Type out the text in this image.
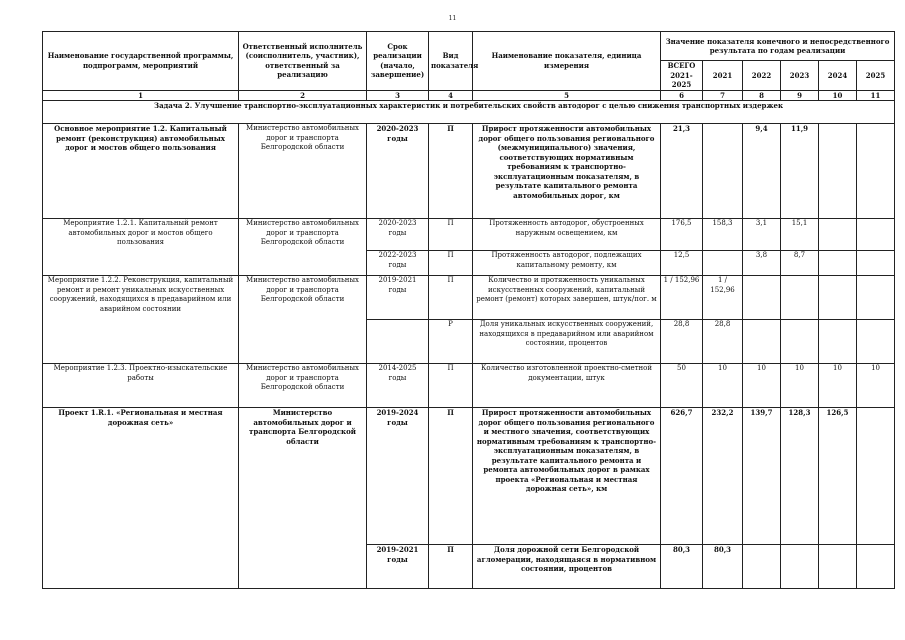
11
Наименование государственной программы, подпрограмм, мероприятий	Ответственный исполнитель (соисполнитель, участник), ответственный за реализацию	Срок реализации (начало, завершение)	Вид показателя	Наименование показателя, единица измерения	Значение показателя конечного и непосредственного результата по годам реализации					
					ВСЕГО 2021-2025	2021	2022	2023	2024	2025
1	2	3	4	5	6	7	8	9	10	11
Задача 2. Улучшение транспортно-эксплуатационных характеристик и потребительских свойств автодорог с целью снижения транспортных издержек										
Основное мероприятие 1.2. Капитальный ремонт (реконструкция) автомобильных дорог и мостов общего пользования	Министерство автомобильных дорог и транспорта Белгородской области	2020-2023 годы	П	Прирост протяженности автомобильных дорог общего пользования регионального (межмуниципального) значения, соответствующих нормативным требованиям к транспортно-эксплуатационным показателям, в результате капитального ремонта автомобильных дорог, км	21,3		9,4	11,9		
Мероприятие 1.2.1. Капитальный ремонт автомобильных дорог и мостов общего пользования	Министерство автомобильных дорог и транспорта Белгородской области	2020-2023 годы	П	Протяженность автодорог, обустроенных наружным освещением, км	176,5	158,3	3,1	15,1		
		2022-2023 годы	П	Протяженность автодорог, подлежащих капитальному ремонту, км	12,5		3,8	8,7		
Мероприятие 1.2.2. Реконструкция, капитальный ремонт и ремонт уникальных искусственных сооружений, находящихся в предаварийном или аварийном состоянии	Министерство автомобильных дорог и транспорта Белгородской области	2019-2021 годы	П	Количество и протяженность уникальных искусственных сооружений, капитальный ремонт (ремонт) которых завершен, штук/пог. м	1 / 152,96	1 / 152,96				
			Р	Доля уникальных искусственных сооружений, находящихся в предаварийном или аварийном состоянии, процентов	28,8	28,8				
Мероприятие 1.2.3. Проектно-изыскательские работы	Министерство автомобильных дорог и транспорта Белгородской области	2014-2025 годы	П	Количество изготовленной проектно-сметной документации, штук	50	10	10	10	10	10
Проект 1.R.1. «Региональная и местная дорожная сеть»	Министерство автомобильных дорог и транспорта Белгородской области	2019-2024 годы	П	Прирост протяженности автомобильных дорог общего пользования регионального и местного значения, соответствующих нормативным требованиям к транспортно-эксплуатационным показателям, в результате капитального ремонта и ремонта автомобильных дорог в рамках проекта «Региональная и местная дорожная сеть», км	626,7	232,2	139,7	128,3	126,5	
		2019-2021 годы	П	Доля дорожной сети Белгородской агломерации, находящаяся в нормативном состоянии, процентов	80,3	80,3				
